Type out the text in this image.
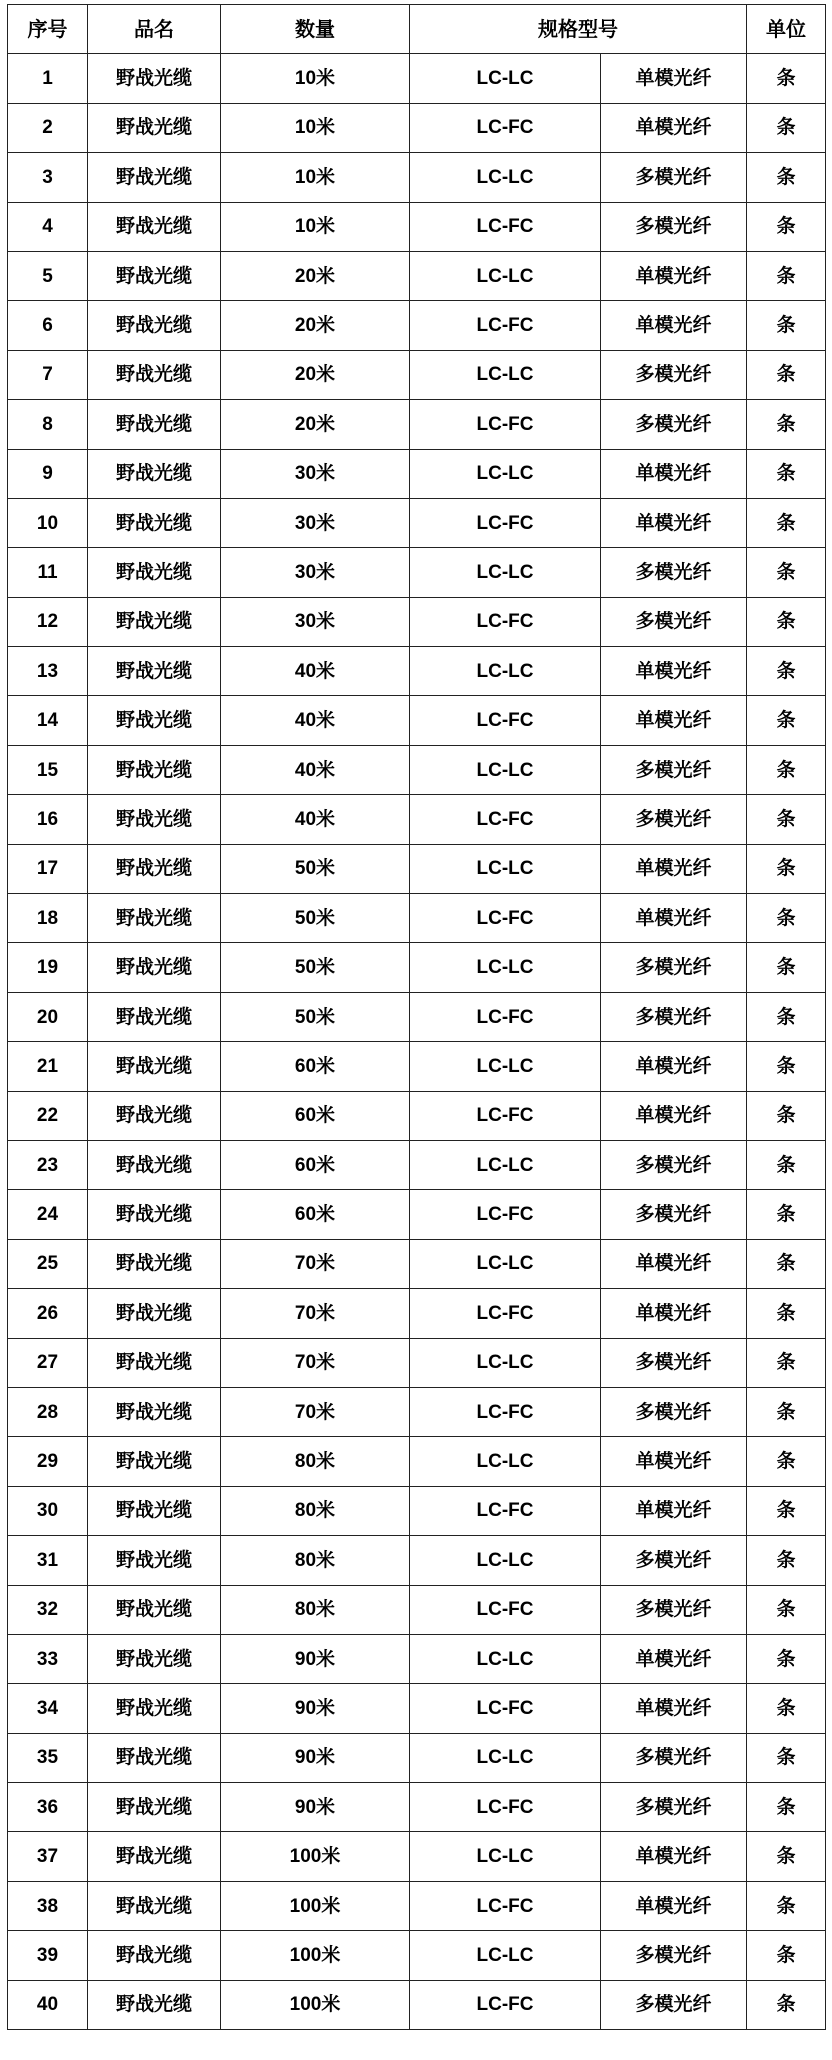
序号	品名	数量	规格型号		单位
1	野战光缆	10米	LC-LC	单模光纤	条
2	野战光缆	10米	LC-FC	单模光纤	条
3	野战光缆	10米	LC-LC	多模光纤	条
4	野战光缆	10米	LC-FC	多模光纤	条
5	野战光缆	20米	LC-LC	单模光纤	条
6	野战光缆	20米	LC-FC	单模光纤	条
7	野战光缆	20米	LC-LC	多模光纤	条
8	野战光缆	20米	LC-FC	多模光纤	条
9	野战光缆	30米	LC-LC	单模光纤	条
10	野战光缆	30米	LC-FC	单模光纤	条
11	野战光缆	30米	LC-LC	多模光纤	条
12	野战光缆	30米	LC-FC	多模光纤	条
13	野战光缆	40米	LC-LC	单模光纤	条
14	野战光缆	40米	LC-FC	单模光纤	条
15	野战光缆	40米	LC-LC	多模光纤	条
16	野战光缆	40米	LC-FC	多模光纤	条
17	野战光缆	50米	LC-LC	单模光纤	条
18	野战光缆	50米	LC-FC	单模光纤	条
19	野战光缆	50米	LC-LC	多模光纤	条
20	野战光缆	50米	LC-FC	多模光纤	条
21	野战光缆	60米	LC-LC	单模光纤	条
22	野战光缆	60米	LC-FC	单模光纤	条
23	野战光缆	60米	LC-LC	多模光纤	条
24	野战光缆	60米	LC-FC	多模光纤	条
25	野战光缆	70米	LC-LC	单模光纤	条
26	野战光缆	70米	LC-FC	单模光纤	条
27	野战光缆	70米	LC-LC	多模光纤	条
28	野战光缆	70米	LC-FC	多模光纤	条
29	野战光缆	80米	LC-LC	单模光纤	条
30	野战光缆	80米	LC-FC	单模光纤	条
31	野战光缆	80米	LC-LC	多模光纤	条
32	野战光缆	80米	LC-FC	多模光纤	条
33	野战光缆	90米	LC-LC	单模光纤	条
34	野战光缆	90米	LC-FC	单模光纤	条
35	野战光缆	90米	LC-LC	多模光纤	条
36	野战光缆	90米	LC-FC	多模光纤	条
37	野战光缆	100米	LC-LC	单模光纤	条
38	野战光缆	100米	LC-FC	单模光纤	条
39	野战光缆	100米	LC-LC	多模光纤	条
40	野战光缆	100米	LC-FC	多模光纤	条
